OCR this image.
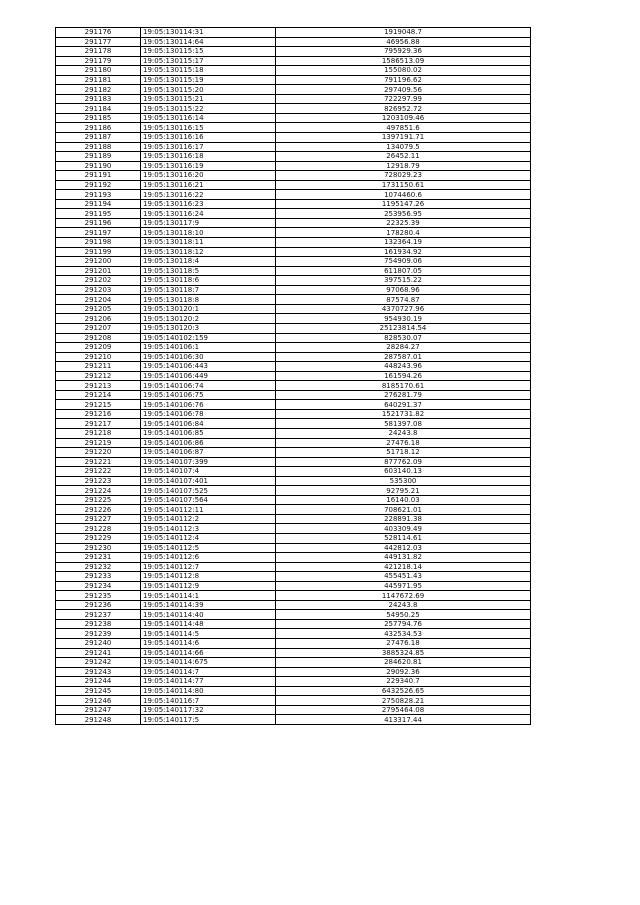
291176	19:05:130114:31	1919048.7
291177	19:05:130114:64	46956.88
291178	19:05:130115:15	795929.36
291179	19:05:130115:17	1586513.09
291180	19:05:130115:18	155080.02
291181	19:05:130115:19	791196.62
291182	19:05:130115:20	297409.56
291183	19:05:130115:21	722297.99
291184	19:05:130115:22	826952.72
291185	19:05:130116:14	1203109.46
291186	19:05:130116:15	497851.6
291187	19:05:130116:16	1397191.71
291188	19:05:130116:17	134079.5
291189	19:05:130116:18	26452.11
291190	19:05:130116:19	12918.79
291191	19:05:130116:20	728029.23
291192	19:05:130116:21	1731150.61
291193	19:05:130116:22	1074460.6
291194	19:05:130116:23	1195147.26
291195	19:05:130116:24	253956.95
291196	19:05:130117:9	22325.39
291197	19:05:130118:10	178280.4
291198	19:05:130118:11	132364.19
291199	19:05:130118:12	161934.92
291200	19:05:130118:4	754909.06
291201	19:05:130118:5	611807.05
291202	19:05:130118:6	397515.22
291203	19:05:130118:7	97068.96
291204	19:05:130118:8	87574.87
291205	19:05:130120:1	4370727.96
291206	19:05:130120:2	954930.19
291207	19:05:130120:3	25123814.54
291208	19:05:140102:159	828530.07
291209	19:05:140106:1	28284.27
291210	19:05:140106:30	287587.01
291211	19:05:140106:443	448243.96
291212	19:05:140106:449	161594.26
291213	19:05:140106:74	8185170.61
291214	19:05:140106:75	276281.79
291215	19:05:140106:76	640291.37
291216	19:05:140106:78	1521731.82
291217	19:05:140106:84	581397.08
291218	19:05:140106:85	24243.8
291219	19:05:140106:86	27476.18
291220	19:05:140106:87	51718.12
291221	19:05:140107:399	877762.09
291222	19:05:140107:4	603140.13
291223	19:05:140107:401	535300
291224	19:05:140107:525	92795.21
291225	19:05:140107:564	16140.03
291226	19:05:140112:11	708621.01
291227	19:05:140112:2	228891.38
291228	19:05:140112:3	403309.49
291229	19:05:140112:4	528114.61
291230	19:05:140112:5	442812.03
291231	19:05:140112:6	449131.82
291232	19:05:140112:7	421218.14
291233	19:05:140112:8	455451.43
291234	19:05:140112:9	445971.95
291235	19:05:140114:1	1147672.69
291236	19:05:140114:39	24243.8
291237	19:05:140114:40	54950.25
291238	19:05:140114:48	257794.76
291239	19:05:140114:5	432534.53
291240	19:05:140114:6	27476.18
291241	19:05:140114:66	3885324.85
291242	19:05:140114:675	284620.81
291243	19:05:140114:7	29092.36
291244	19:05:140114:77	229340.7
291245	19:05:140114:80	6432526.65
291246	19:05:140116:7	2750828.21
291247	19:05:140117:32	2795464.08
291248	19:05:140117:5	413317.44
